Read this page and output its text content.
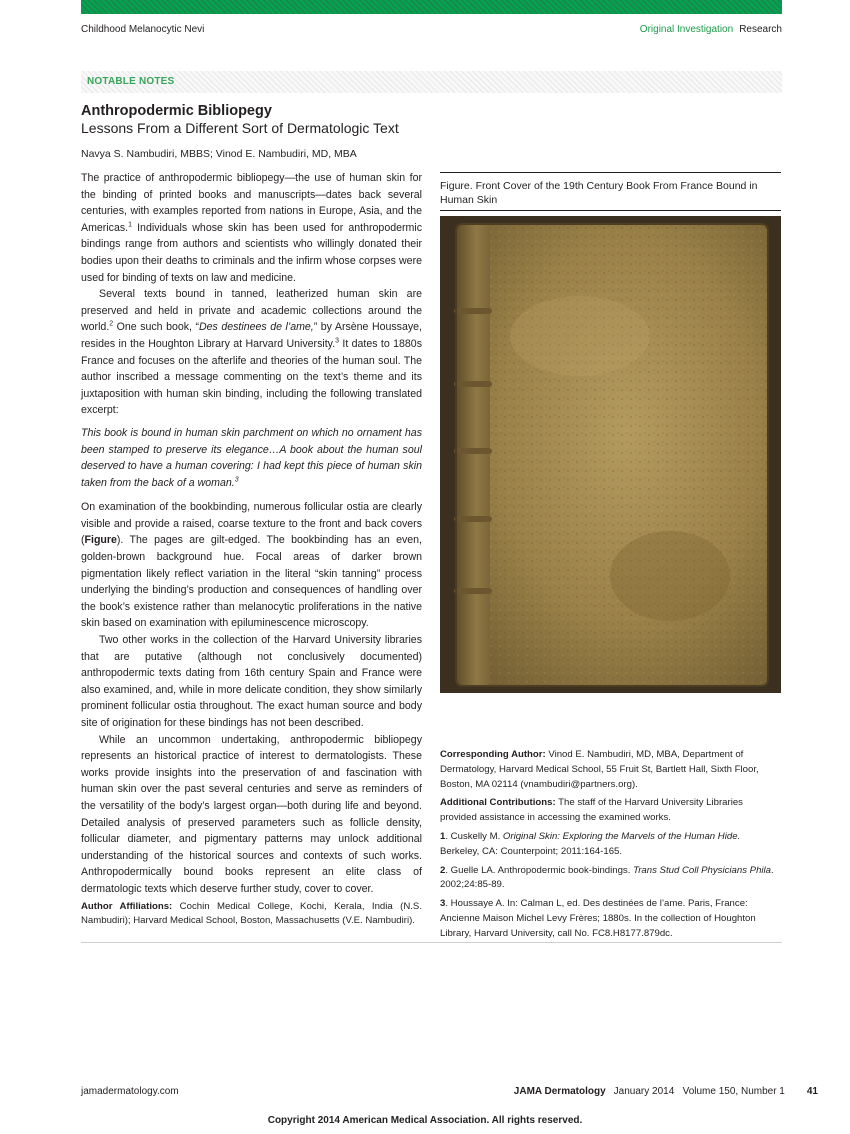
Childhood Melanocytic Nevi	Original Investigation Research
NOTABLE NOTES
Anthropodermic Bibliopegy
Lessons From a Different Sort of Dermatologic Text
Navya S. Nambudiri, MBBS; Vinod E. Nambudiri, MD, MBA

The practice of anthropodermic bibliopegy—the use of human skin for the binding of printed books and manuscripts—dates back several centuries, with examples reported from nations in Europe, Asia, and the Americas.$^1$ Individuals whose skin has been used for anthropodermic bindings range from authors and scientists who willingly donated their bodies upon their deaths to criminals and the infirm whose corpses were used for binding of texts on law and medicine.

Several texts bound in tanned, leatherized human skin are preserved and held in private and academic collections around the world.$^2$ One such book, “Des destinees de l’ame,” by Arsène Houssaye, resides in the Houghton Library at Harvard University.$^3$ It dates to 1880s France and focuses on the afterlife and theories of the human soul. The author inscribed a message commenting on the text’s theme and its juxtaposition with human skin binding, including the following translated excerpt:

This book is bound in human skin parchment on which no ornament has been stamped to preserve its elegance…A book about the human soul deserved to have a human covering: I had kept this piece of human skin taken from the back of a woman.$^3$

On examination of the bookbinding, numerous follicular ostia are clearly visible and provide a raised, coarse texture to the front and back covers (Figure). The pages are gilt-edged. The bookbinding has an even, golden-brown background hue. Focal areas of darker brown pigmentation likely reflect variation in the literal “skin tanning” process underlying the binding’s production and consequences of handling over the book’s existence rather than melanocytic proliferations in the native skin based on examination with epiluminescence microscopy.

Two other works in the collection of the Harvard University libraries that are putative (although not conclusively documented) anthropodermic texts dating from 16th century Spain and France were also examined, and, while in more delicate condition, they show similarly prominent follicular ostia throughout. The exact human source and body site of origination for these bindings has not been described.

While an uncommon undertaking, anthropodermic bibliopegy represents an historical practice of interest to dermatologists. These works provide insights into the preservation of and fascination with human skin over the past several centuries and serve as reminders of the versatility of the body’s largest organ—both during life and beyond. Detailed analysis of preserved parameters such as follicle density, follicular diameter, and pigmentary patterns may unlock additional understanding of the historical sources and contexts of such works. Anthropodermically bound books represent an elite class of dermatologic texts which deserve further study, cover to cover.

Author Affiliations: Cochin Medical College, Kochi, Kerala, India (N.S. Nambudiri); Harvard Medical School, Boston, Massachusetts (V.E. Nambudiri).

Figure. Front Cover of the 19th Century Book From France Bound in Human Skin

Corresponding Author: Vinod E. Nambudiri, MD, MBA, Department of Dermatology, Harvard Medical School, 55 Fruit St, Bartlett Hall, Sixth Floor, Boston, MA 02114 (vnambudiri@partners.org).

Additional Contributions: The staff of the Harvard University Libraries provided assistance in accessing the examined works.

1. Cuskelly M. Original Skin: Exploring the Marvels of the Human Hide. Berkeley, CA: Counterpoint; 2011:164-165.

2. Guelle LA. Anthropodermic book-bindings. Trans Stud Coll Physicians Phila. 2002;24:85-89.

3. Houssaye A. In: Calman L, ed. Des destinées de l’ame. Paris, France: Ancienne Maison Michel Levy Frères; 1880s. In the collection of Houghton Library, Harvard University, call No. FC8.H8177.879dc.

jamadermatology.com	JAMA Dermatology January 2014   Volume 150, Number 1 41
Copyright 2014 American Medical Association. All rights reserved.
